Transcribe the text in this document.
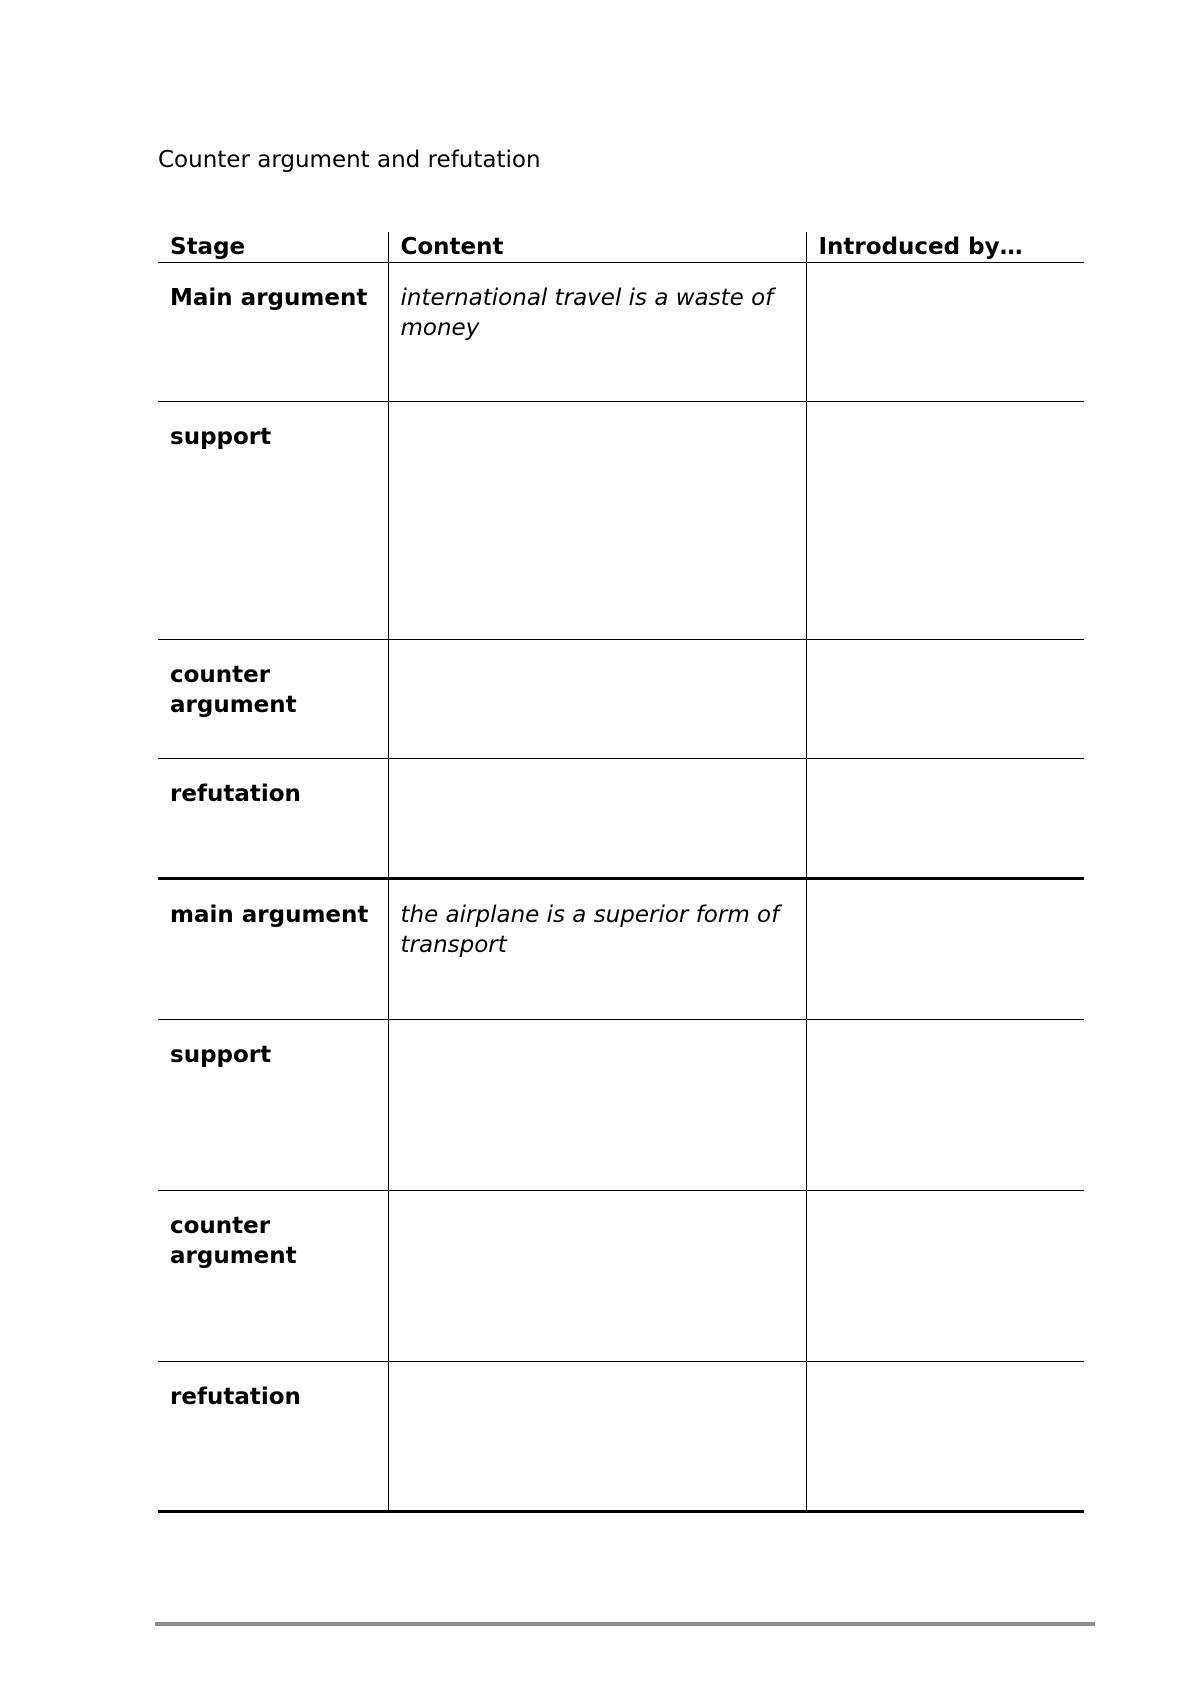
Counter argument and refutation
Stage	Content	Introduced by…
Main argument	international travel is a waste of money	
support		
counter argument		
refutation		
main argument	the airplane is a superior form of transport	
support		
counter argument		
refutation		
